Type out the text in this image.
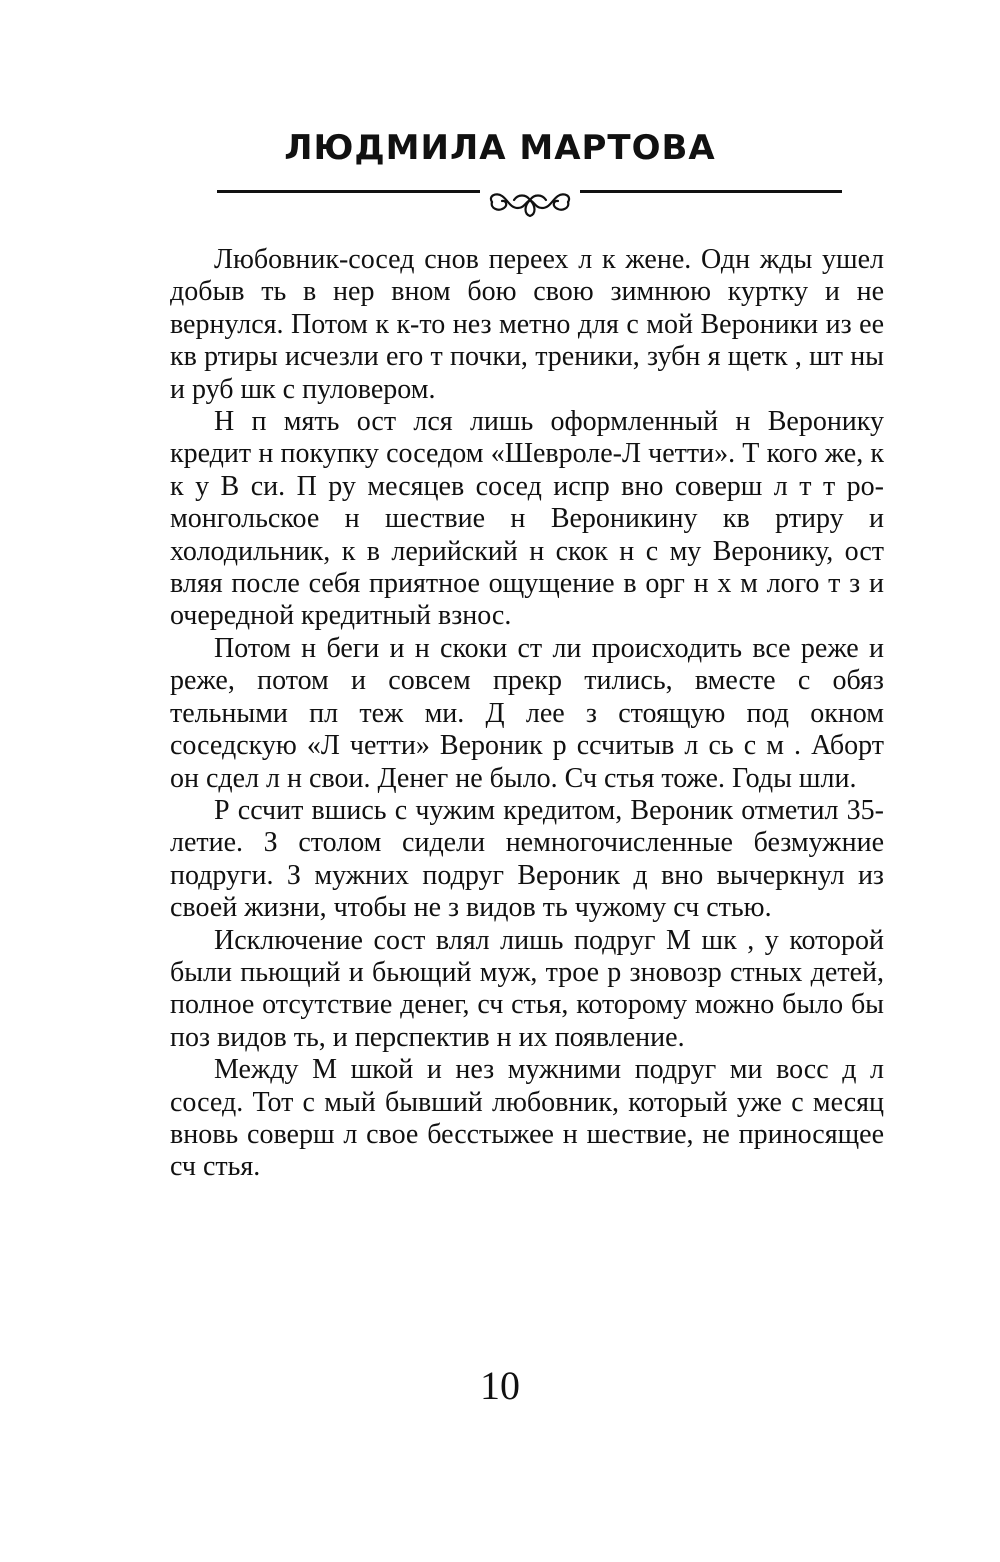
ЛЮДМИЛА МАРТОВА

Любовник-сосед снов переех л к жене. Одн жды ушел добыв ть в нер вном бою свою зимнюю куртку и не вернулся. Потом к к-то нез метно для с мой Вероники из ее кв ртиры исчезли его т почки, треники, зубн я щетк , шт ны и руб шк с пуловером.

Н п мять ост лся лишь оформленный н Веронику кредит н покупку соседом «Шевроле-Л четти». Т кого же, к к у В си. П ру месяцев сосед испр вно соверш л т т ро-монгольское н шествие н Вероникину кв ртиру и холодильник, к в лерийский н скок н с му Веронику, ост вляя после себя приятное ощущение в орг н х м лого т з и очередной кредитный взнос.

Потом н беги и н скоки ст ли происходить все реже и реже, потом и совсем прекр тились, вместе с обяз тельными пл теж ми. Д лее з стоящую под окном соседскую «Л четти» Вероник р ссчитыв л сь с м . Аборт он сдел л н свои. Денег не было. Сч стья тоже. Годы шли.

Р ссчит вшись с чужим кредитом, Вероник отметил 35-летие. З столом сидели немногочисленные безмужние подруги. З мужних подруг Вероник д вно вычеркнул из своей жизни, чтобы не з видов ть чужому сч стью.

Исключение сост влял лишь подруг М шк , у которой были пьющий и бьющий муж, трое р зновозр стных детей, полное отсутствие денег, сч стья, которому можно было бы поз видов ть, и перспектив н их появление.

Между М шкой и нез мужними подруг ми восс д л сосед. Тот с мый бывший любовник, который уже с месяц вновь соверш л свое бесстыжее н шествие, не приносящее сч стья.

10
